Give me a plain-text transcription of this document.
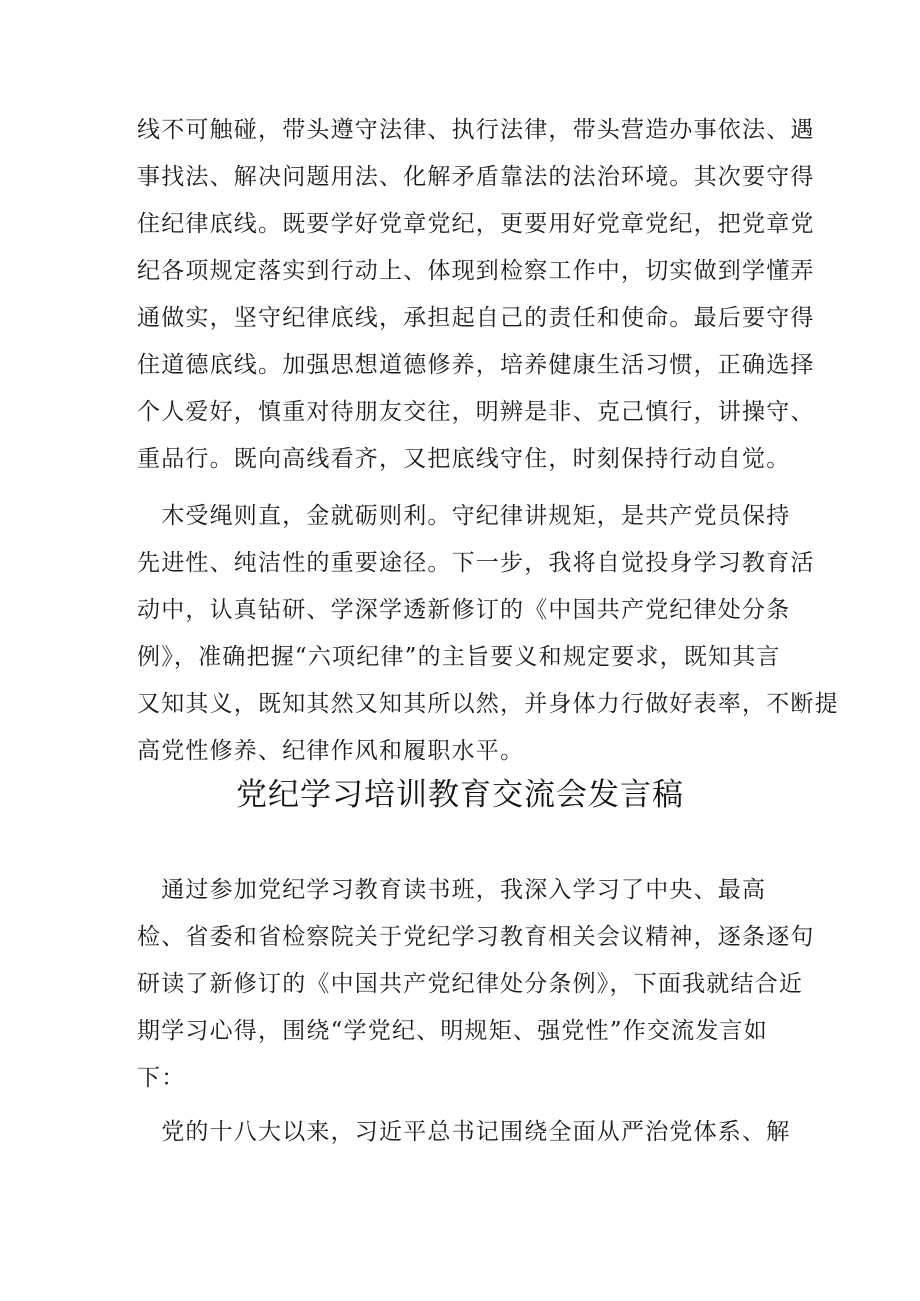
线不可触碰，带头遵守法律、执行法律，带头营造办事依法、遇
事找法、解决问题用法、化解矛盾靠法的法治环境。其次要守得
住纪律底线。既要学好党章党纪，更要用好党章党纪，把党章党
纪各项规定落实到行动上、体现到检察工作中，切实做到学懂弄
通做实，坚守纪律底线，承担起自己的责任和使命。最后要守得
住道德底线。加强思想道德修养，培养健康生活习惯，正确选择
个人爱好，慎重对待朋友交往，明辨是非、克己慎行，讲操守、
重品行。既向高线看齐，又把底线守住，时刻保持行动自觉。
　木受绳则直，金就砺则利。守纪律讲规矩，是共产党员保持
先进性、纯洁性的重要途径。下一步，我将自觉投身学习教育活
动中，认真钻研、学深学透新修订的《中国共产党纪律处分条
例》，准确把握“六项纪律”的主旨要义和规定要求，既知其言
又知其义，既知其然又知其所以然，并身体力行做好表率，不断提
高党性修养、纪律作风和履职水平。
党纪学习培训教育交流会发言稿
　通过参加党纪学习教育读书班，我深入学习了中央、最高
检、省委和省检察院关于党纪学习教育相关会议精神，逐条逐句
研读了新修订的《中国共产党纪律处分条例》，下面我就结合近
期学习心得，围绕“学党纪、明规矩、强党性”作交流发言如
下：
　党的十八大以来，习近平总书记围绕全面从严治党体系、解
